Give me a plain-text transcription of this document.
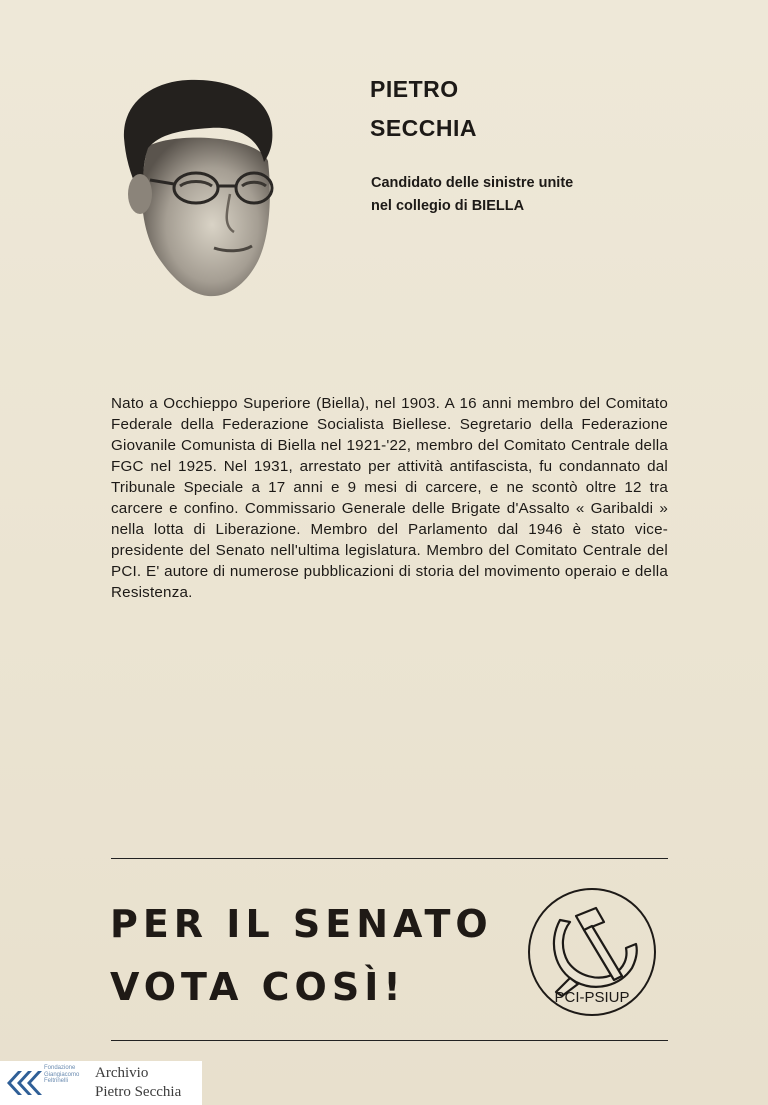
PIETRO
SECCHIA
Candidato delle sinistre unite
nel collegio di BIELLA
Nato a Occhieppo Superiore (Biella), nel 1903. A 16 anni membro del Comitato Federale della Federazione Socialista Biellese. Segretario della Federazione Giovanile Comunista di Biella nel 1921-'22, membro del Comitato Centrale della FGC nel 1925. Nel 1931, arrestato per attività antifascista, fu condannato dal Tribunale Speciale a 17 anni e 9 mesi di carcere, e ne scontò oltre 12 tra carcere e confino. Commissario Generale delle Brigate d'Assalto « Garibaldi » nella lotta di Liberazione. Membro del Parlamento dal 1946 è stato vice-presidente del Senato nell'ultima legislatura. Membro del Comitato Centrale del PCI. E' autore di numerose pubblicazioni di storia del movimento operaio e della Resistenza.
PER IL SENATO
VOTA COSÌ!	PCI-PSIUP
Fondazione
Giangiacomo
Feltrinelli	Archivio
Pietro Secchia
